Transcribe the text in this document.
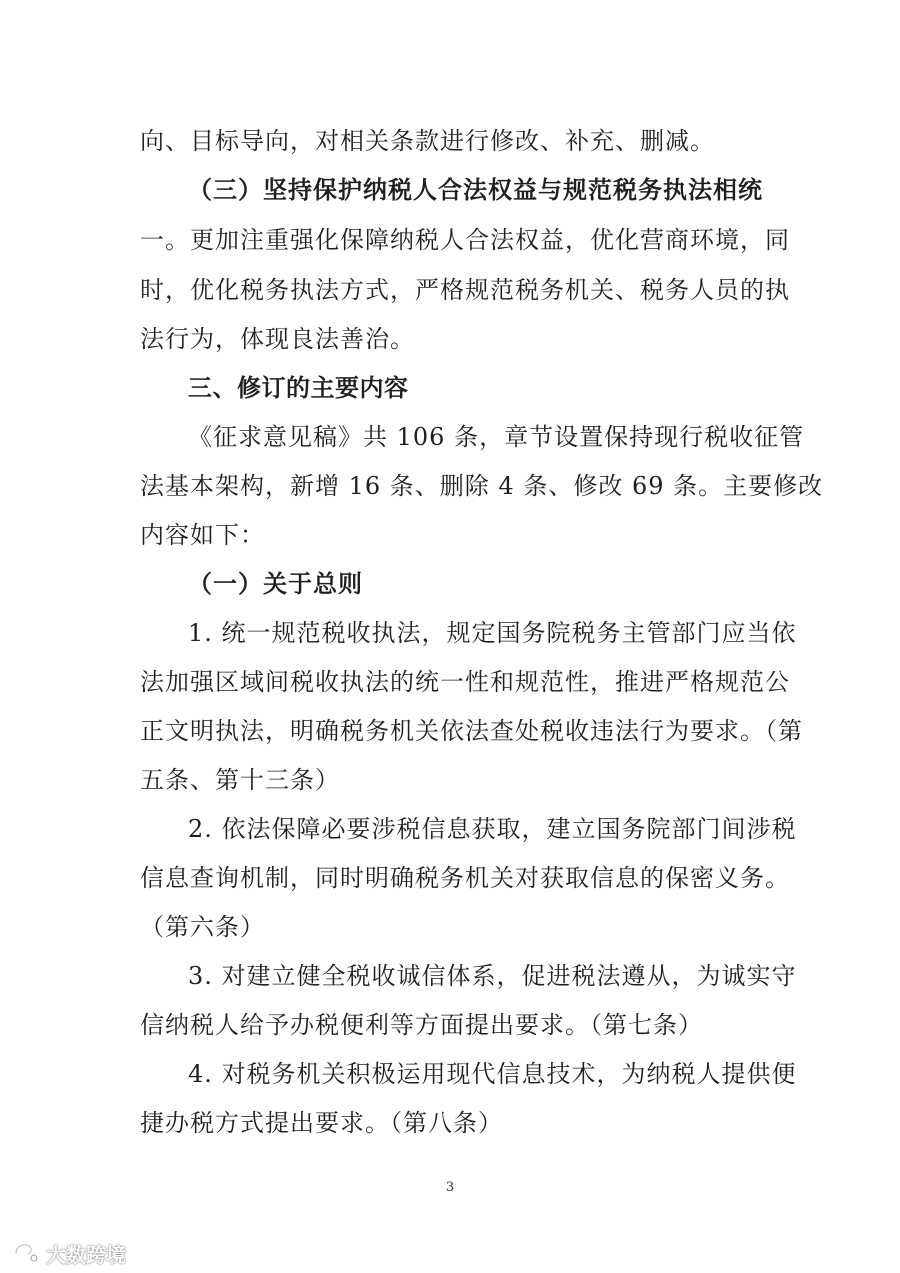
向、目标导向，对相关条款进行修改、补充、删减。
（三）坚持保护纳税人合法权益与规范税务执法相统
一。更加注重强化保障纳税人合法权益，优化营商环境，同
时，优化税务执法方式，严格规范税务机关、税务人员的执
法行为，体现良法善治。
三、修订的主要内容
《征求意见稿》共 106 条，章节设置保持现行税收征管
法基本架构，新增 16 条、删除 4 条、修改 69 条。主要修改
内容如下：
（一）关于总则
1. 统一规范税收执法，规定国务院税务主管部门应当依
法加强区域间税收执法的统一性和规范性，推进严格规范公
正文明执法，明确税务机关依法查处税收违法行为要求。（第
五条、第十三条）
2. 依法保障必要涉税信息获取，建立国务院部门间涉税
信息查询机制，同时明确税务机关对获取信息的保密义务。
（第六条）
3. 对建立健全税收诚信体系，促进税法遵从，为诚实守
信纳税人给予办税便利等方面提出要求。（第七条）
4. 对税务机关积极运用现代信息技术，为纳税人提供便
捷办税方式提出要求。（第八条）
3
大数跨境
